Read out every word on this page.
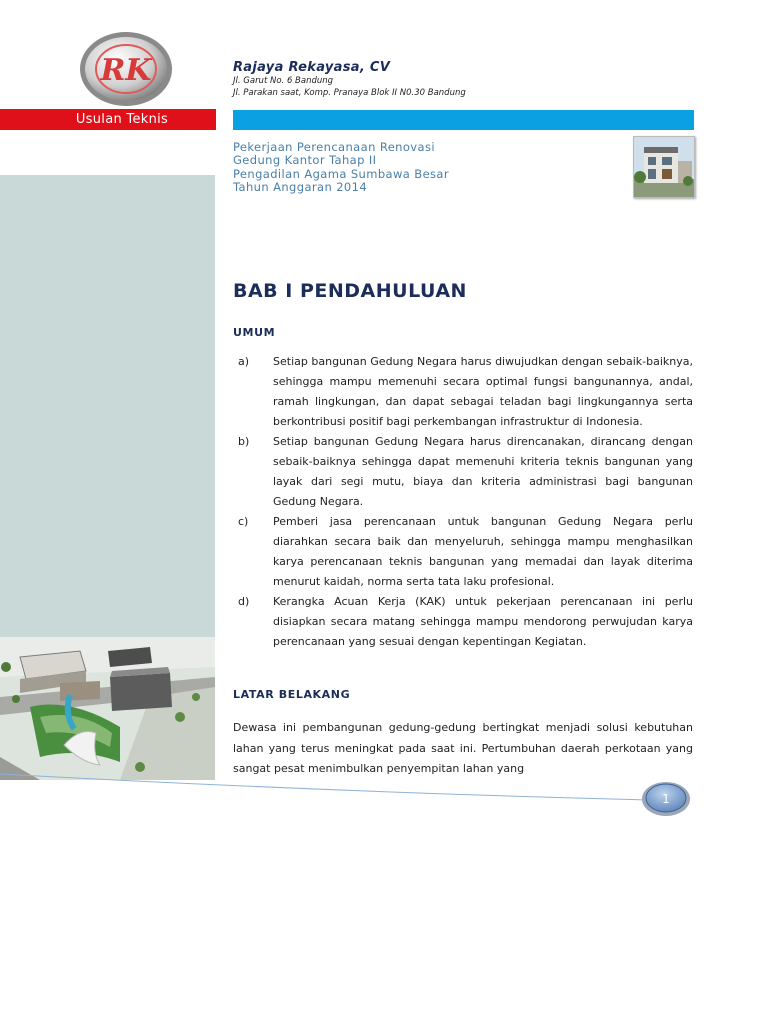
RK	Rajaya Rekayasa, CV
Jl. Garut No. 6 Bandung
Jl. Parakan saat, Komp. Pranaya Blok II N0.30 Bandung
Usulan Teknis
Pekerjaan Perencanaan Renovasi
Gedung Kantor Tahap II
Pengadilan Agama Sumbawa Besar
Tahun Anggaran 2014
BAB I PENDAHULUAN
UMUM
a)	Setiap bangunan Gedung Negara harus diwujudkan dengan sebaik-baiknya, sehingga mampu memenuhi secara optimal fungsi bangunannya, andal, ramah lingkungan, dan dapat sebagai teladan bagi lingkungannya serta berkontribusi positif bagi perkembangan infrastruktur di Indonesia.
b)	Setiap bangunan Gedung Negara harus direncanakan, dirancang dengan sebaik-baiknya sehingga dapat memenuhi kriteria teknis bangunan yang layak dari segi mutu, biaya dan kriteria administrasi bagi bangunan Gedung Negara.
c)	Pemberi jasa perencanaan untuk bangunan Gedung Negara perlu diarahkan secara baik dan menyeluruh, sehingga mampu menghasilkan karya perencanaan teknis bangunan yang memadai dan layak diterima menurut kaidah, norma serta tata laku profesional.
d)	Kerangka Acuan Kerja (KAK) untuk pekerjaan perencanaan ini perlu disiapkan secara matang sehingga mampu mendorong perwujudan karya perencanaan yang sesuai dengan kepentingan Kegiatan.
LATAR BELAKANG
Dewasa ini pembangunan gedung-gedung bertingkat menjadi solusi kebutuhan lahan yang terus meningkat pada saat ini. Pertumbuhan daerah perkotaan yang sangat pesat menimbulkan penyempitan lahan yang
1
